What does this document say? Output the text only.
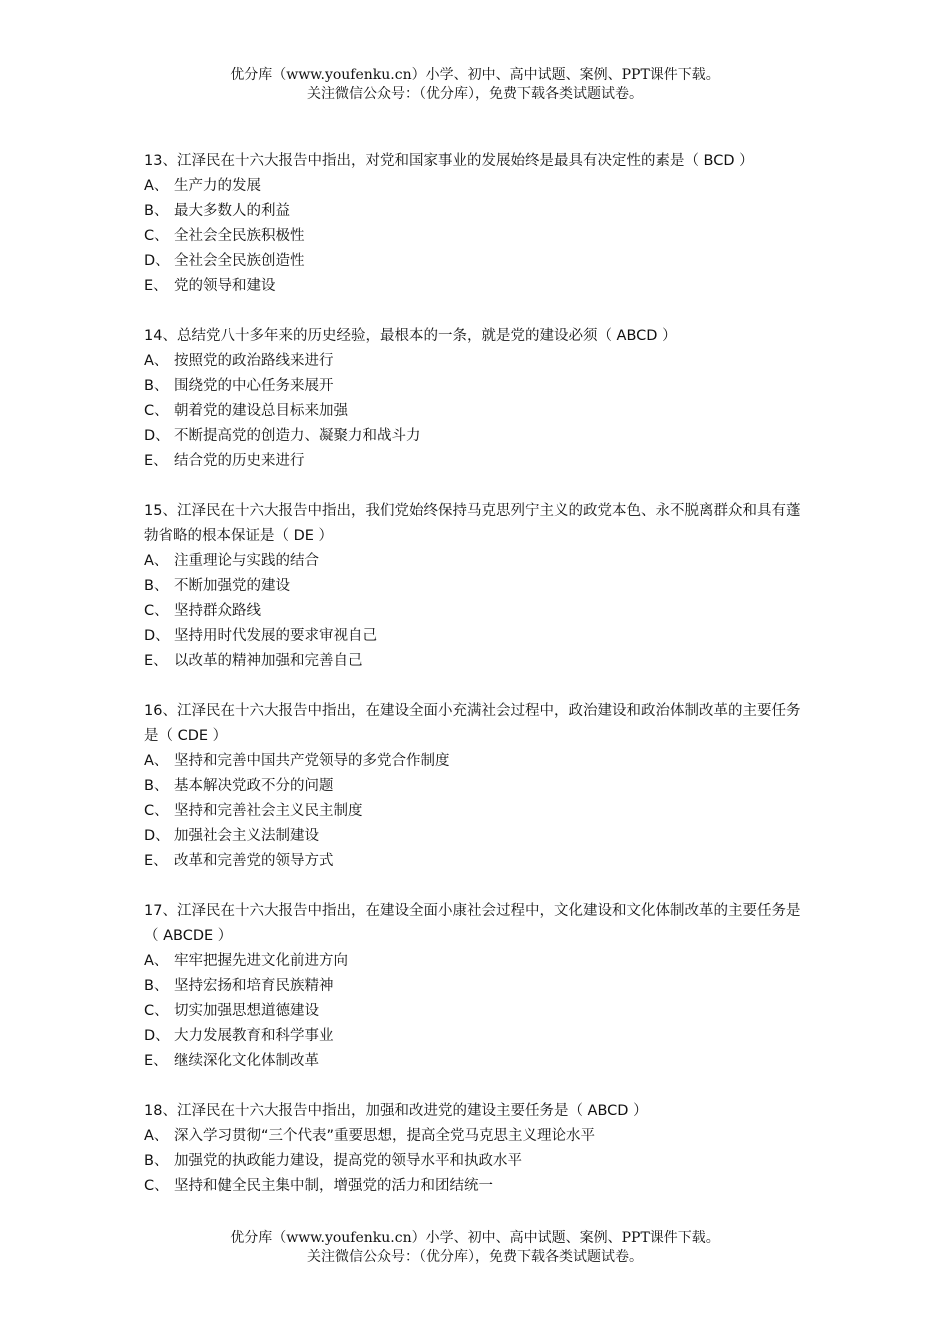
优分库（www.youfenku.cn）小学、初中、高中试题、案例、PPT课件下载。
关注微信公众号：（优分库），免费下载各类试题试卷。
13、江泽民在十六大报告中指出，对党和国家事业的发展始终是最具有决定性的素是（ BCD ）
A、 生产力的发展
B、 最大多数人的利益
C、 全社会全民族积极性
D、 全社会全民族创造性
E、 党的领导和建设
14、总结党八十多年来的历史经验，最根本的一条，就是党的建设必须（ ABCD ）
A、 按照党的政治路线来进行
B、 围绕党的中心任务来展开
C、 朝着党的建设总目标来加强
D、 不断提高党的创造力、凝聚力和战斗力
E、 结合党的历史来进行
15、江泽民在十六大报告中指出，我们党始终保持马克思列宁主义的政党本色、永不脱离群众和具有蓬勃省略的根本保证是（ DE ）
A、 注重理论与实践的结合
B、 不断加强党的建设
C、 坚持群众路线
D、 坚持用时代发展的要求审视自己
E、 以改革的精神加强和完善自己
16、江泽民在十六大报告中指出，在建设全面小充满社会过程中，政治建设和政治体制改革的主要任务是（ CDE ）
A、 坚持和完善中国共产党领导的多党合作制度
B、 基本解决党政不分的问题
C、 坚持和完善社会主义民主制度
D、 加强社会主义法制建设
E、 改革和完善党的领导方式
17、江泽民在十六大报告中指出，在建设全面小康社会过程中，文化建设和文化体制改革的主要任务是（ ABCDE ）
A、 牢牢把握先进文化前进方向
B、 坚持宏扬和培育民族精神
C、 切实加强思想道德建设
D、 大力发展教育和科学事业
E、 继续深化文化体制改革
18、江泽民在十六大报告中指出，加强和改进党的建设主要任务是（ ABCD ）
A、 深入学习贯彻“三个代表”重要思想，提高全党马克思主义理论水平
B、 加强党的执政能力建设，提高党的领导水平和执政水平
C、 坚持和健全民主集中制，增强党的活力和团结统一
优分库（www.youfenku.cn）小学、初中、高中试题、案例、PPT课件下载。
关注微信公众号：（优分库），免费下载各类试题试卷。
